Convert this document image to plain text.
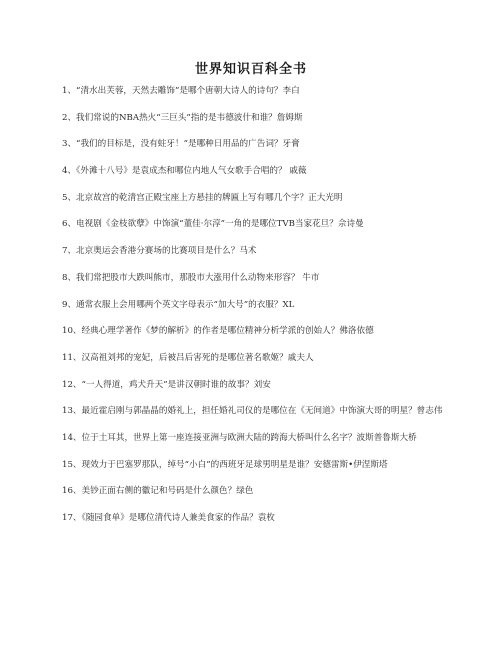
世界知识百科全书
1、“清水出芙蓉，天然去雕饰”是哪个唐朝大诗人的诗句？李白
2、我们常说的NBA热火“三巨头”指的是韦德波什和谁？詹姆斯
3、“我们的目标是，没有蛀牙！”是哪种日用品的广告词？牙膏
4、《外滩十八号》是袁成杰和哪位内地人气女歌手合唱的？ 戚薇
5、北京故宫的乾清宫正殿宝座上方悬挂的牌匾上写有哪几个字？正大光明
6、电视剧《金枝欲孽》中饰演“董佳·尔淳”一角的是哪位TVB当家花旦？佘诗曼
7、北京奥运会香港分赛场的比赛项目是什么？马术
8、我们常把股市大跌叫熊市，那股市大涨用什么动物来形容？ 牛市
9、通常衣服上会用哪两个英文字母表示“加大号”的衣服？XL
10、经典心理学著作《梦的解析》的作者是哪位精神分析学派的创始人？佛洛依德
11、汉高祖刘邦的宠妃，后被吕后害死的是哪位著名歌姬？戚夫人
12、“一人得道，鸡犬升天”是讲汉朝时谁的故事？刘安
13、最近霍启刚与郭晶晶的婚礼上，担任婚礼司仪的是哪位在《无间道》中饰演大哥的明星？曾志伟
14、位于土耳其，世界上第一座连接亚洲与欧洲大陆的跨海大桥叫什么名字？波斯普鲁斯大桥
15、现效力于巴塞罗那队，绰号“小白”的西班牙足球男明星是谁？安德雷斯•伊涅斯塔
16、美钞正面右侧的徽记和号码是什么颜色？绿色
17、《随园食单》是哪位清代诗人兼美食家的作品？袁枚
